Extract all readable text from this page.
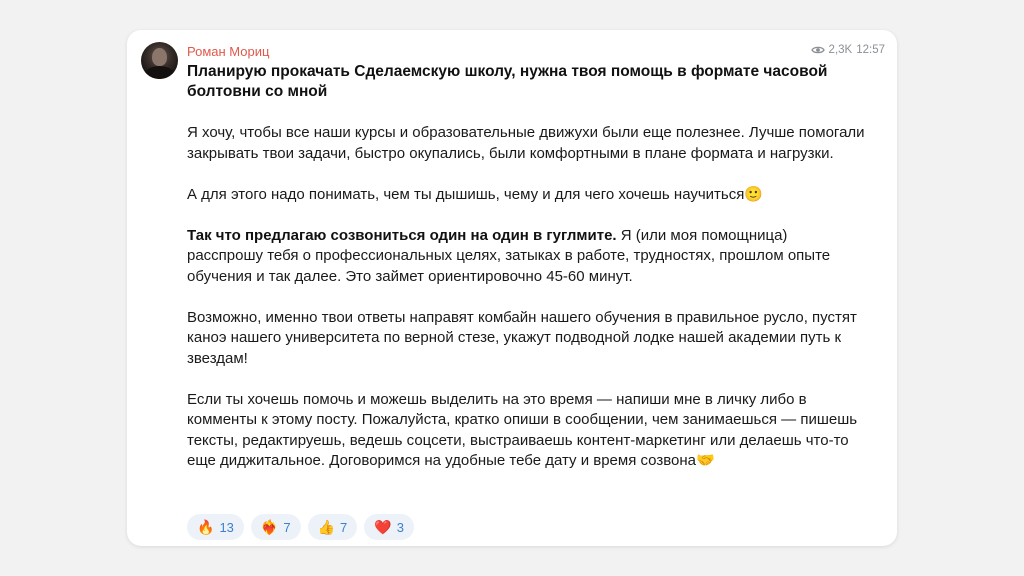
Роман Мориц	2,3K 12:57
Планирую прокачать Сделаемскую школу, нужна твоя помощь в формате часовой болтовни со мной

Я хочу, чтобы все наши курсы и образовательные движухи были еще полезнее. Лучше помогали закрывать твои задачи, быстро окупались, были комфортными в плане формата и нагрузки.

А для этого надо понимать, чем ты дышишь, чему и для чего хочешь научиться🙂

Так что предлагаю созвониться один на один в гуглмите. Я (или моя помощница) расспрошу тебя о профессиональных целях, затыках в работе, трудностях, прошлом опыте обучения и так далее. Это займет ориентировочно 45-60 минут.

Возможно, именно твои ответы направят комбайн нашего обучения в правильное русло, пустят каноэ нашего университета по верной стезе, укажут подводной лодке нашей академии путь к звездам!

Если ты хочешь помочь и можешь выделить на это время — напиши мне в личку либо в комменты к этому посту. Пожалуйста, кратко опиши в сообщении, чем занимаешься — пишешь тексты, редактируешь, ведешь соцсети, выстраиваешь контент-маркетинг или делаешь что-то еще диджитальное. Договоримся на удобные тебе дату и время созвона🤝

🔥 13 ❤‍🔥 7 👍 7 ❤️ 3
